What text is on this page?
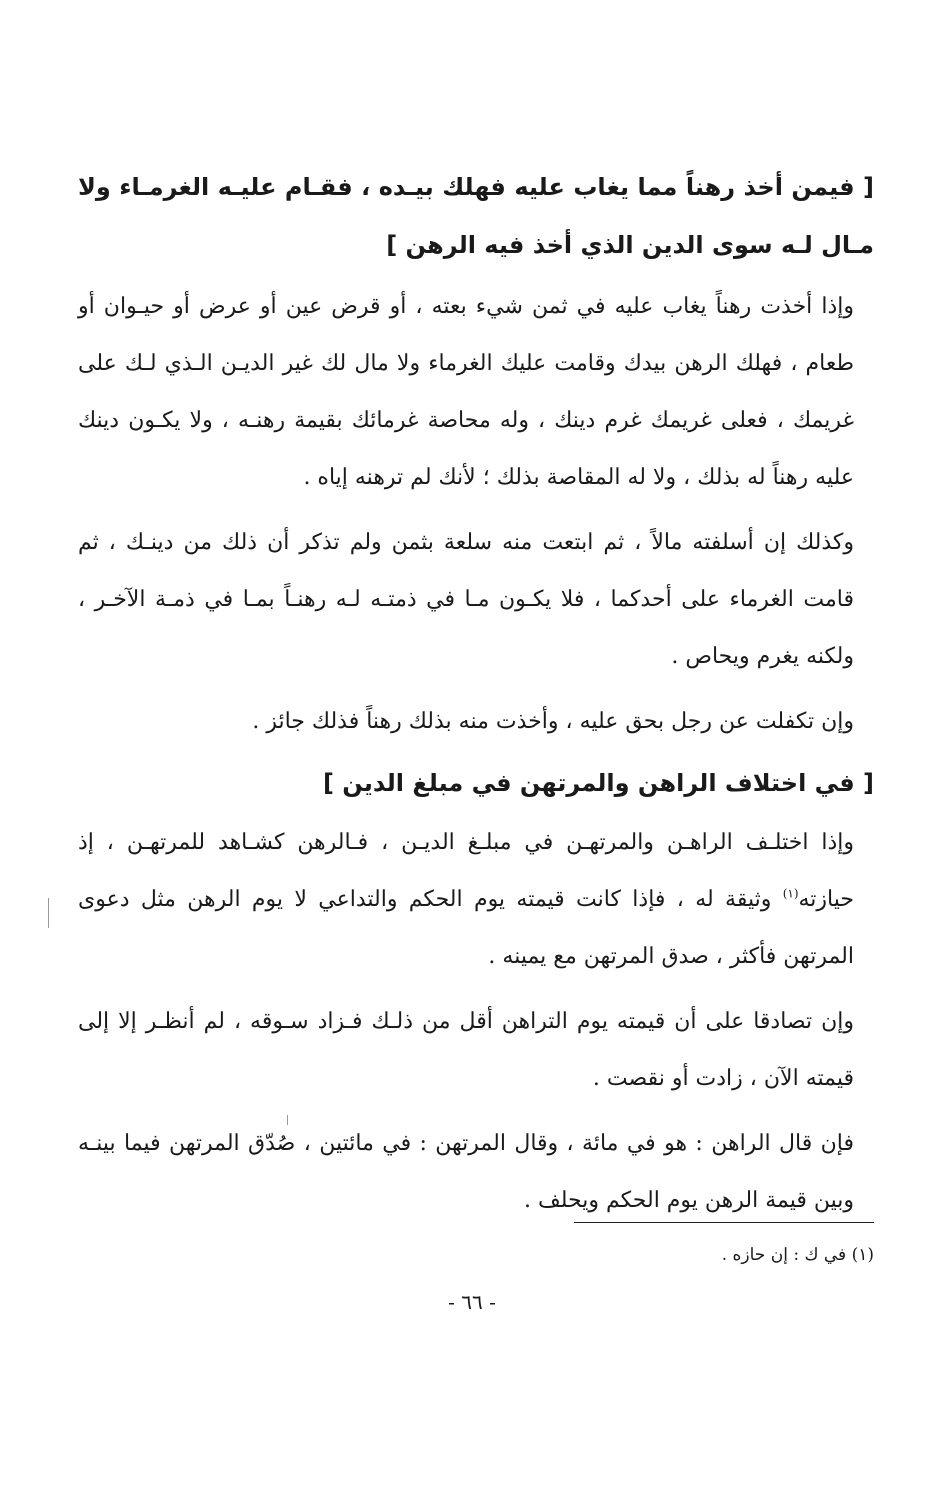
[ فيمن أخذ رهناً مما يغاب عليه فهلك بيـده ، فقـام عليـه الغرمـاء ولا مـال لـه سوى الدين الذي أخذ فيه الرهن ]

وإذا أخذت رهناً يغاب عليه في ثمن شيء بعته ، أو قرض عين أو عرض أو حيـوان أو طعام ، فهلك الرهن بيدك وقامت عليك الغرماء ولا مال لك غير الديـن الـذي لـك على غريمك ، فعلى غريمك غرم دينك ، وله محاصة غرمائك بقيمة رهنـه ، ولا يكـون دينك عليه رهناً له بذلك ، ولا له المقاصة بذلك ؛ لأنك لم ترهنه إياه .

وكذلك إن أسلفته مالاً ، ثم ابتعت منه سلعة بثمن ولم تذكر أن ذلك من دينـك ، ثم قامت الغرماء على أحدكما ، فلا يكـون مـا في ذمتـه لـه رهنـاً بمـا في ذمـة الآخـر ، ولكنه يغرم ويحاص .

وإن تكفلت عن رجل بحق عليه ، وأخذت منه بذلك رهناً فذلك جائز .

[ في اختلاف الراهن والمرتهن في مبلغ الدين ]

وإذا اختلـف الراهـن والمرتهـن في مبلـغ الديـن ، فـالرهن كشـاهد للمرتهـن ، إذ حيازته$^{(١)}$ وثيقة له ، فإذا كانت قيمته يوم الحكم والتداعي لا يوم الرهن مثل دعوى المرتهن فأكثر ، صدق المرتهن مع يمينه .

وإن تصادقا على أن قيمته يوم التراهن أقل من ذلـك فـزاد سـوقه ، لم أنظـر إلا إلى قيمته الآن ، زادت أو نقصت .

فإن قال الراهن : هو في مائة ، وقال المرتهن : في مائتين ، صُدّق المرتهن فيما بينـه وبين قيمة الرهن يوم الحكم ويحلف .

(١) في ك : إن حازه .
- ٦٦ -
